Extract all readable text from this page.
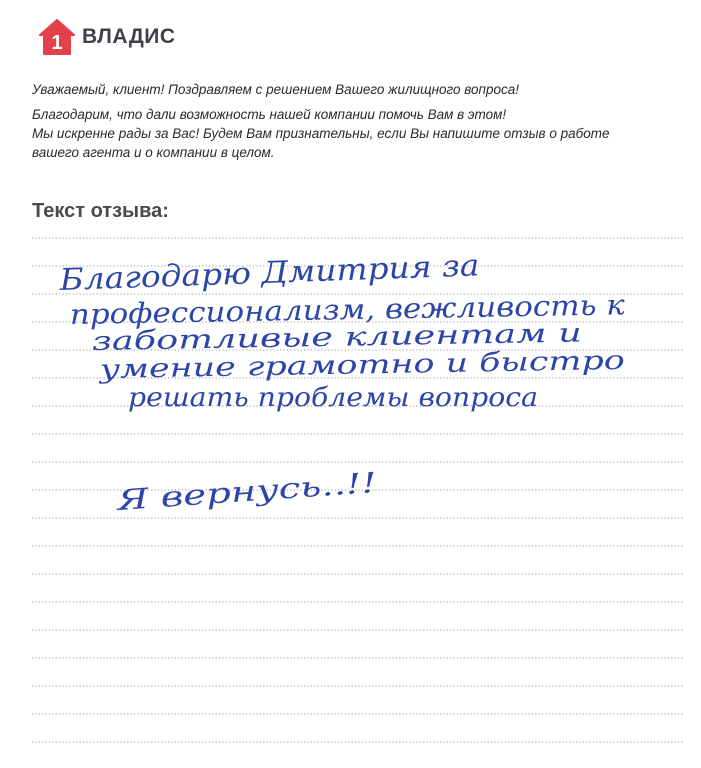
1 ВЛАДИС

Уважаемый, клиент! Поздравляем с решением Вашего жилищного вопроса!

Благодарим, что дали возможность нашей компании помочь Вам в этом!

Мы искренне рады за Вас! Будем Вам признательны, если Вы напишите отзыв о работе вашего агента и о компании в целом.

Текст отзыва:
Благодарю Дмитрия за
профессионализм, вежливость к
заботливые клиентам и
умение грамотно и быстро
решать проблемы вопроса
Я вернусь..!!
